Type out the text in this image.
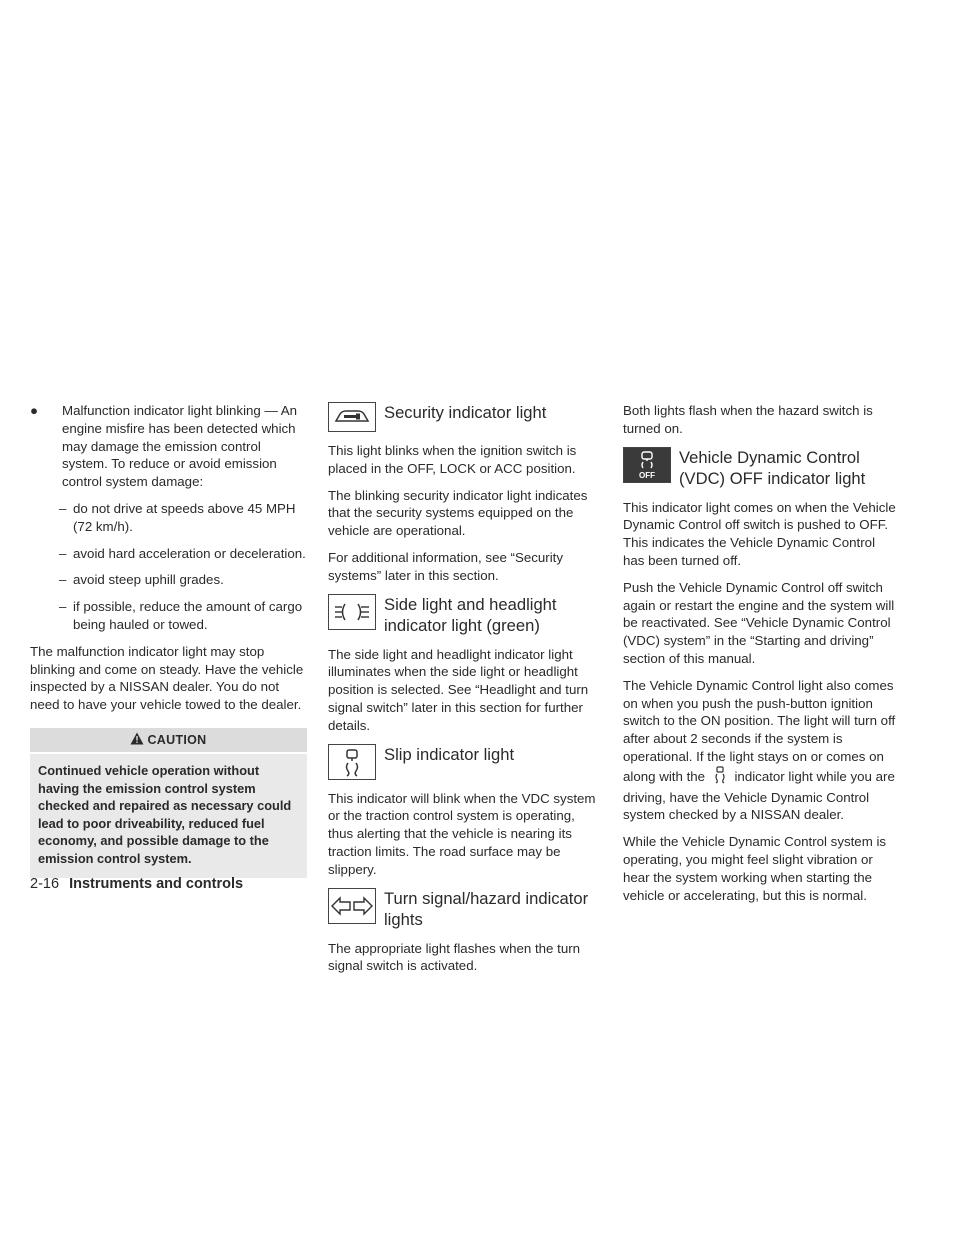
● Malfunction indicator light blinking — An engine misfire has been detected which may damage the emission control system. To reduce or avoid emission control system damage:
– do not drive at speeds above 45 MPH (72 km/h).
– avoid hard acceleration or deceleration.
– avoid steep uphill grades.
– if possible, reduce the amount of cargo being hauled or towed.

The malfunction indicator light may stop blinking and come on steady. Have the vehicle inspected by a NISSAN dealer. You do not need to have your vehicle towed to the dealer.

CAUTION
Continued vehicle operation without having the emission control system checked and repaired as necessary could lead to poor driveability, reduced fuel economy, and possible damage to the emission control system.
Security indicator light

This light blinks when the ignition switch is placed in the OFF, LOCK or ACC position.

The blinking security indicator light indicates that the security systems equipped on the vehicle are operational.

For additional information, see “Security systems” later in this section.

Side light and headlight
indicator light (green)

The side light and headlight indicator light illuminates when the side light or headlight position is selected. See “Headlight and turn signal switch” later in this section for further details.

Slip indicator light

This indicator will blink when the VDC system or the traction control system is operating, thus alerting that the vehicle is nearing its traction limits. The road surface may be slippery.

Turn signal/hazard indicator
lights

The appropriate light flashes when the turn signal switch is activated.

Both lights flash when the hazard switch is turned on.

OFF
Vehicle Dynamic Control
(VDC) OFF indicator light

This indicator light comes on when the Vehicle Dynamic Control off switch is pushed to OFF. This indicates the Vehicle Dynamic Control has been turned off.

Push the Vehicle Dynamic Control off switch again or restart the engine and the system will be reactivated. See “Vehicle Dynamic Control (VDC) system” in the “Starting and driving” section of this manual.

The Vehicle Dynamic Control light also comes on when you push the push-button ignition switch to the ON position. The light will turn off after about 2 seconds if the system is operational. If the light stays on or comes on along with the indicator light while you are driving, have the Vehicle Dynamic Control system checked by a NISSAN dealer.

While the Vehicle Dynamic Control system is operating, you might feel slight vibration or hear the system working when starting the vehicle or accelerating, but this is normal.

2-16 Instruments and controls
